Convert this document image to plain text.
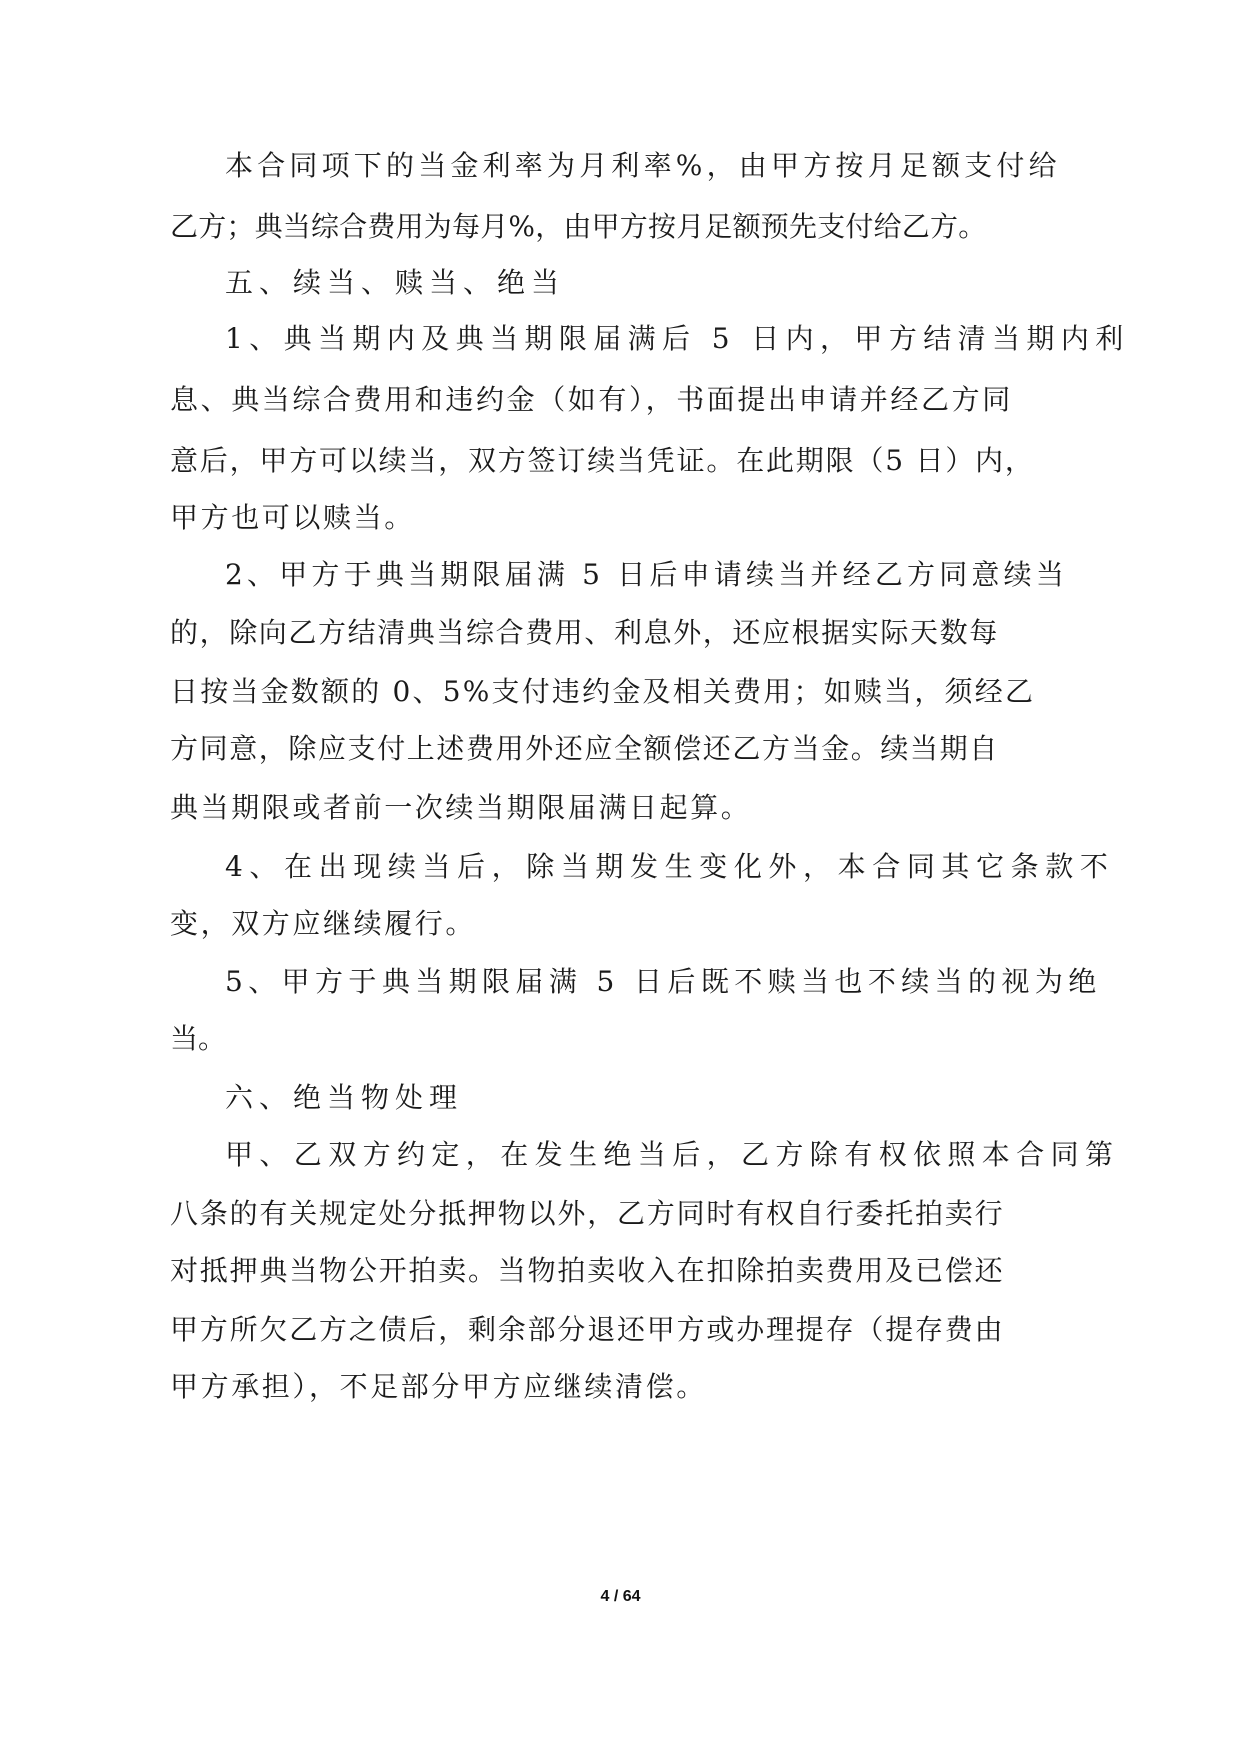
本合同项下的当金利率为月利率%，由甲方按月足额支付给
乙方；典当综合费用为每月%，由甲方按月足额预先支付给乙方。
五、续当、赎当、绝当
1、典当期内及典当期限届满后 5 日内，甲方结清当期内利
息、典当综合费用和违约金（如有），书面提出申请并经乙方同
意后，甲方可以续当，双方签订续当凭证。在此期限（5 日）内，
甲方也可以赎当。
2、甲方于典当期限届满 5 日后申请续当并经乙方同意续当
的，除向乙方结清典当综合费用、利息外，还应根据实际天数每
日按当金数额的 0、5%支付违约金及相关费用；如赎当，须经乙
方同意，除应支付上述费用外还应全额偿还乙方当金。续当期自
典当期限或者前一次续当期限届满日起算。
4、在出现续当后，除当期发生变化外，本合同其它条款不
变，双方应继续履行。
5、甲方于典当期限届满 5 日后既不赎当也不续当的视为绝
当。
六、绝当物处理
甲、乙双方约定，在发生绝当后，乙方除有权依照本合同第
八条的有关规定处分抵押物以外，乙方同时有权自行委托拍卖行
对抵押典当物公开拍卖。当物拍卖收入在扣除拍卖费用及已偿还
甲方所欠乙方之债后，剩余部分退还甲方或办理提存（提存费由
甲方承担），不足部分甲方应继续清偿。
4 / 64
